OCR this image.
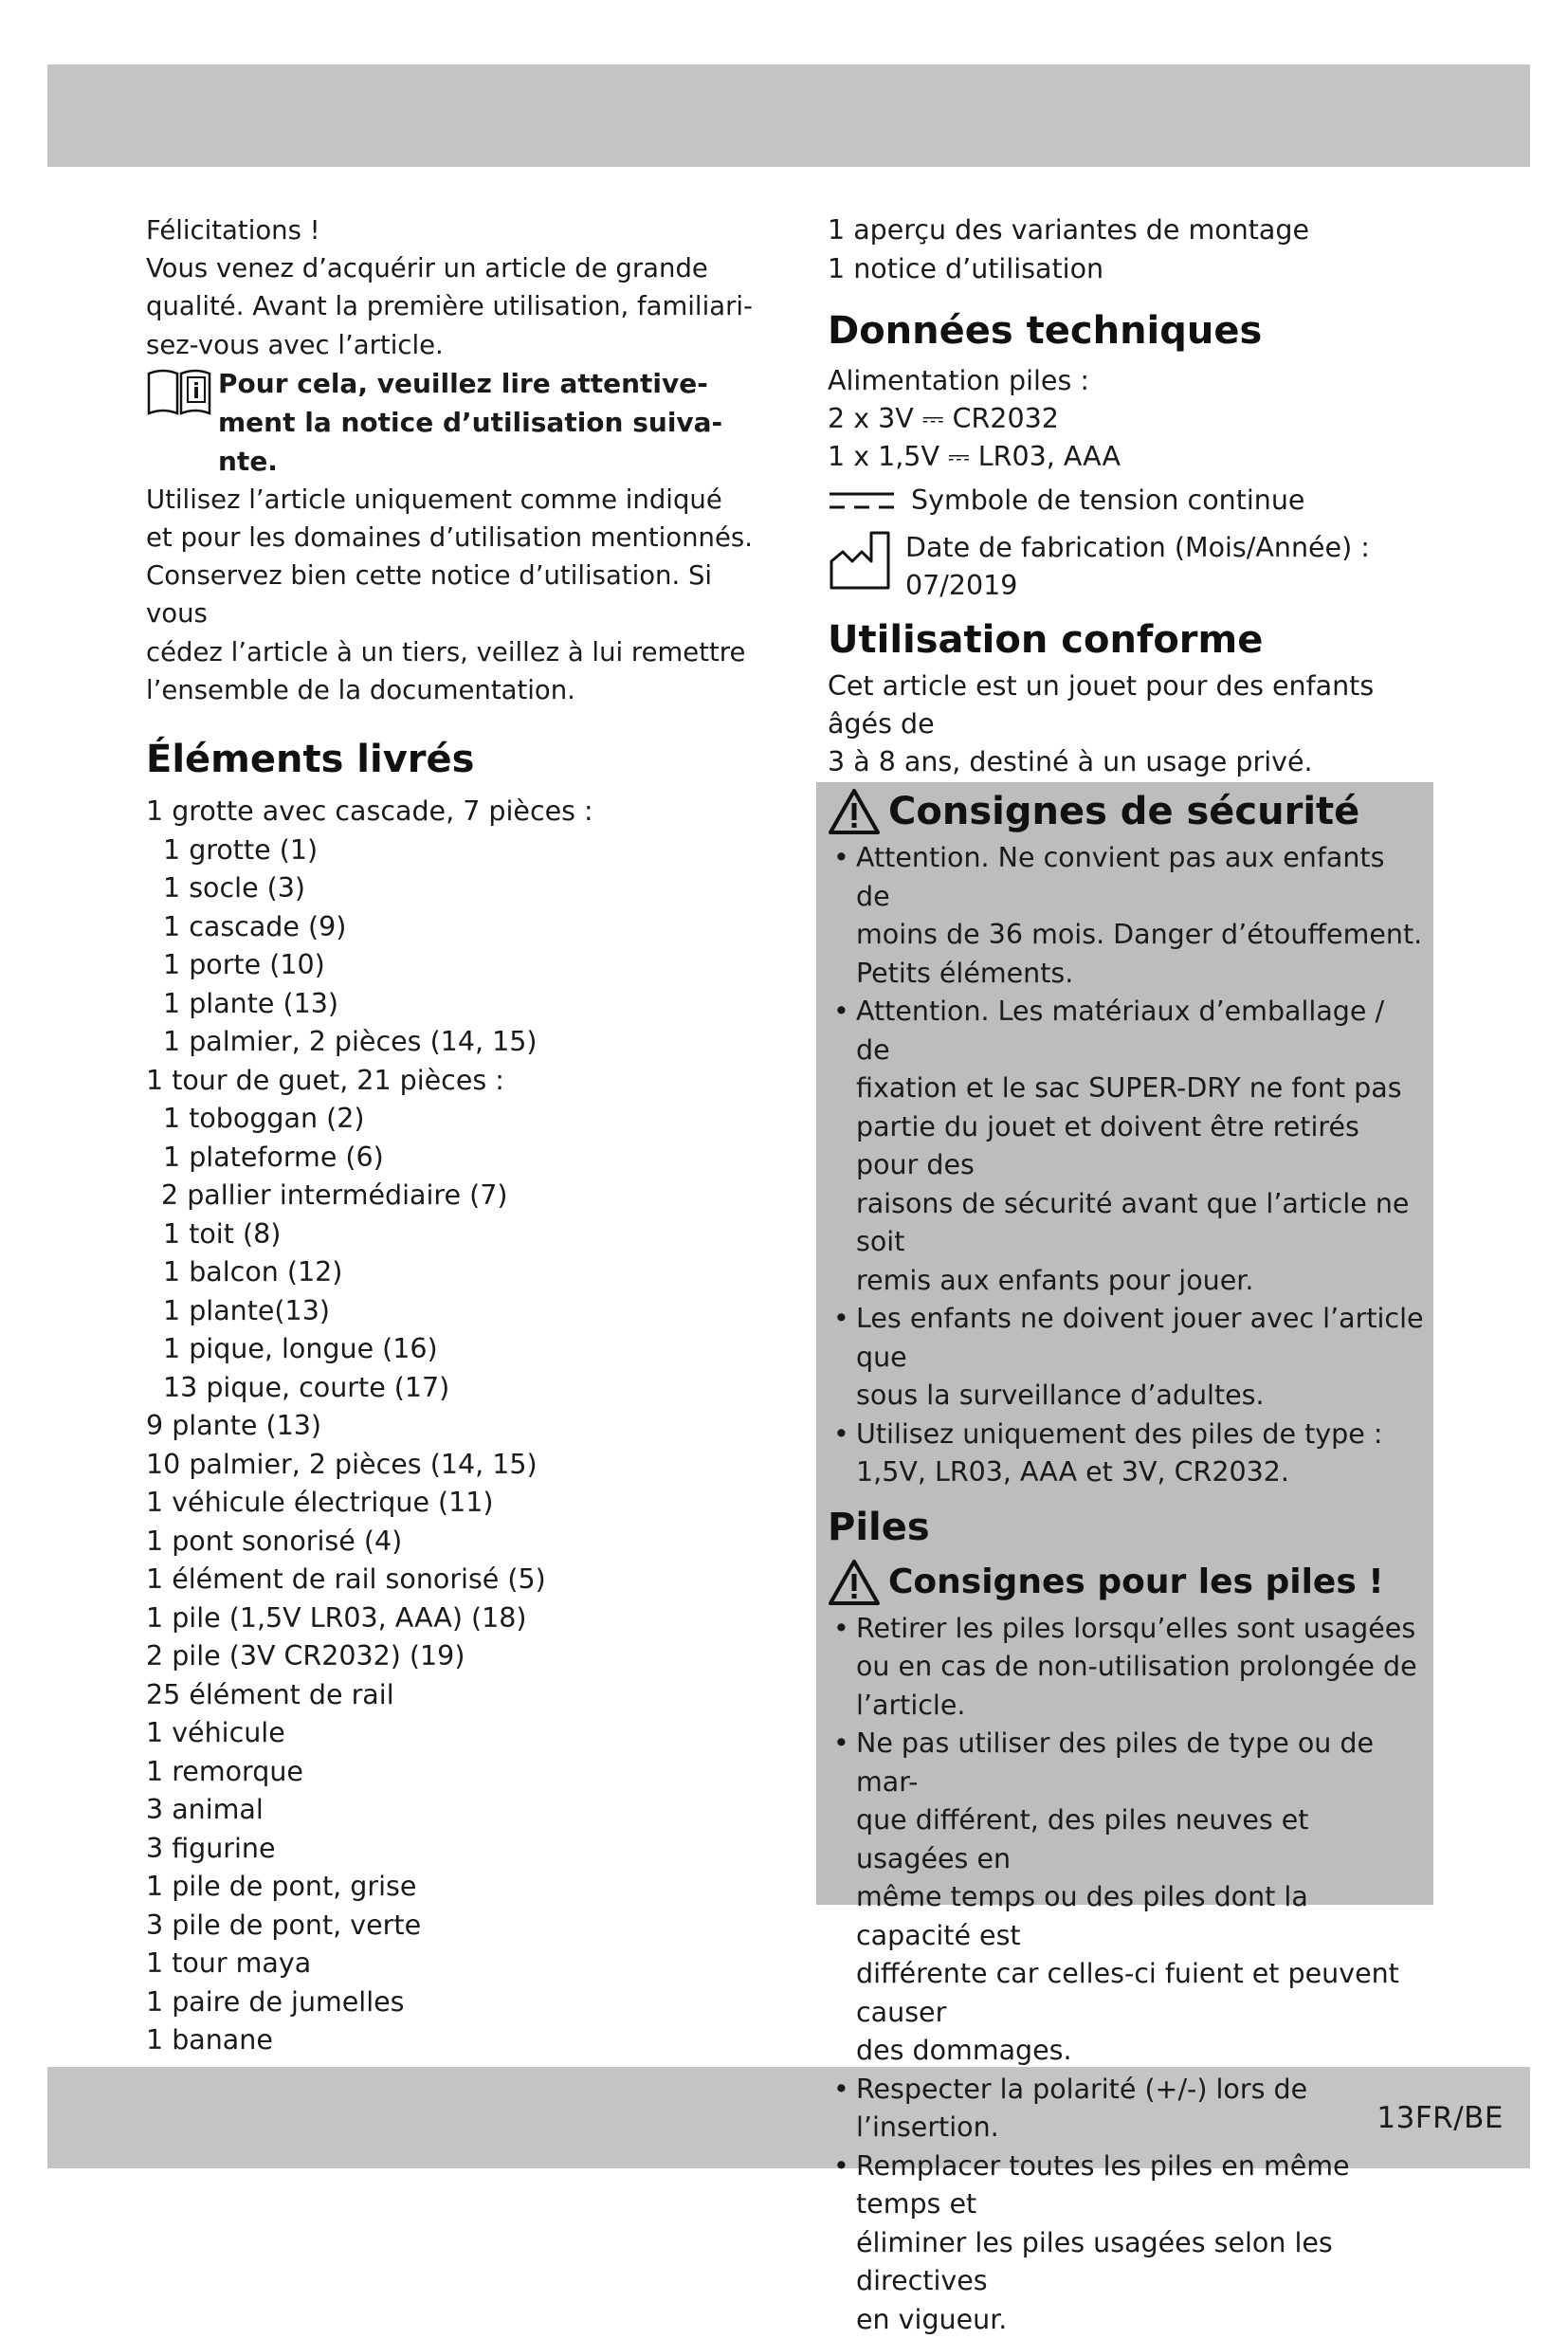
13FR/BE

Félicitations !

Vous venez d’acquérir un article de grande

qualité. Avant la première utilisation, familiari-

sez-vous avec l’article.

i Pour cela, veuillez lire attentive-
ment la notice d’utilisation suiva-
nte.

Utilisez l’article uniquement comme indiqué

et pour les domaines d’utilisation mentionnés.

Conservez bien cette notice d’utilisation. Si vous

cédez l’article à un tiers, veillez à lui remettre

l’ensemble de la documentation.

Éléments livrés
1 grotte avec cascade, 7 pièces :
1 grotte (1)
1 socle (3)
1 cascade (9)
1 porte (10)
1 plante (13)
1 palmier, 2 pièces (14, 15)
1 tour de guet, 21 pièces :
1 toboggan (2)
1 plateforme (6)
2 pallier intermédiaire (7)
1 toit (8)
1 balcon (12)
1 plante(13)
1 pique, longue (16)
13 pique, courte (17)
9 plante (13)
10 palmier, 2 pièces (14, 15)
1 véhicule électrique (11)
1 pont sonorisé (4)
1 élément de rail sonorisé (5)
1 pile (1,5V LR03, AAA) (18)
2 pile (3V CR2032) (19)
25 élément de rail
1 véhicule
1 remorque
3 animal
3 figurine
1 pile de pont, grise
3 pile de pont, verte
1 tour maya
1 paire de jumelles
1 banane
1 aperçu des variantes de montage
1 notice d’utilisation
Données techniques
Alimentation piles :
2 x 3V ⎓ CR2032
1 x 1,5V ⎓ LR03, AAA
Symbole de tension continue
Date de fabrication (Mois/Année) :
07/2019
Utilisation conforme

Cet article est un jouet pour des enfants âgés de

3 à 8 ans, destiné à un usage privé.

Consignes de sécurité
• Attention. Ne convient pas aux enfants de
moins de 36 mois. Danger d’étouffement.
Petits éléments.
• Attention. Les matériaux d’emballage / de
fixation et le sac SUPER-DRY ne font pas
partie du jouet et doivent être retirés pour des
raisons de sécurité avant que l’article ne soit
remis aux enfants pour jouer.
• Les enfants ne doivent jouer avec l’article que
sous la surveillance d’adultes.
• Utilisez uniquement des piles de type :
1,5V, LR03, AAA et 3V, CR2032.
Piles
Consignes pour les piles !
• Retirer les piles lorsqu’elles sont usagées
ou en cas de non-utilisation prolongée de
l’article.
• Ne pas utiliser des piles de type ou de mar-
que différent, des piles neuves et usagées en
même temps ou des piles dont la capacité est
différente car celles-ci fuient et peuvent causer
des dommages.
• Respecter la polarité (+/-) lors de l’insertion.
• Remplacer toutes les piles en même temps et
éliminer les piles usagées selon les directives
en vigueur.
